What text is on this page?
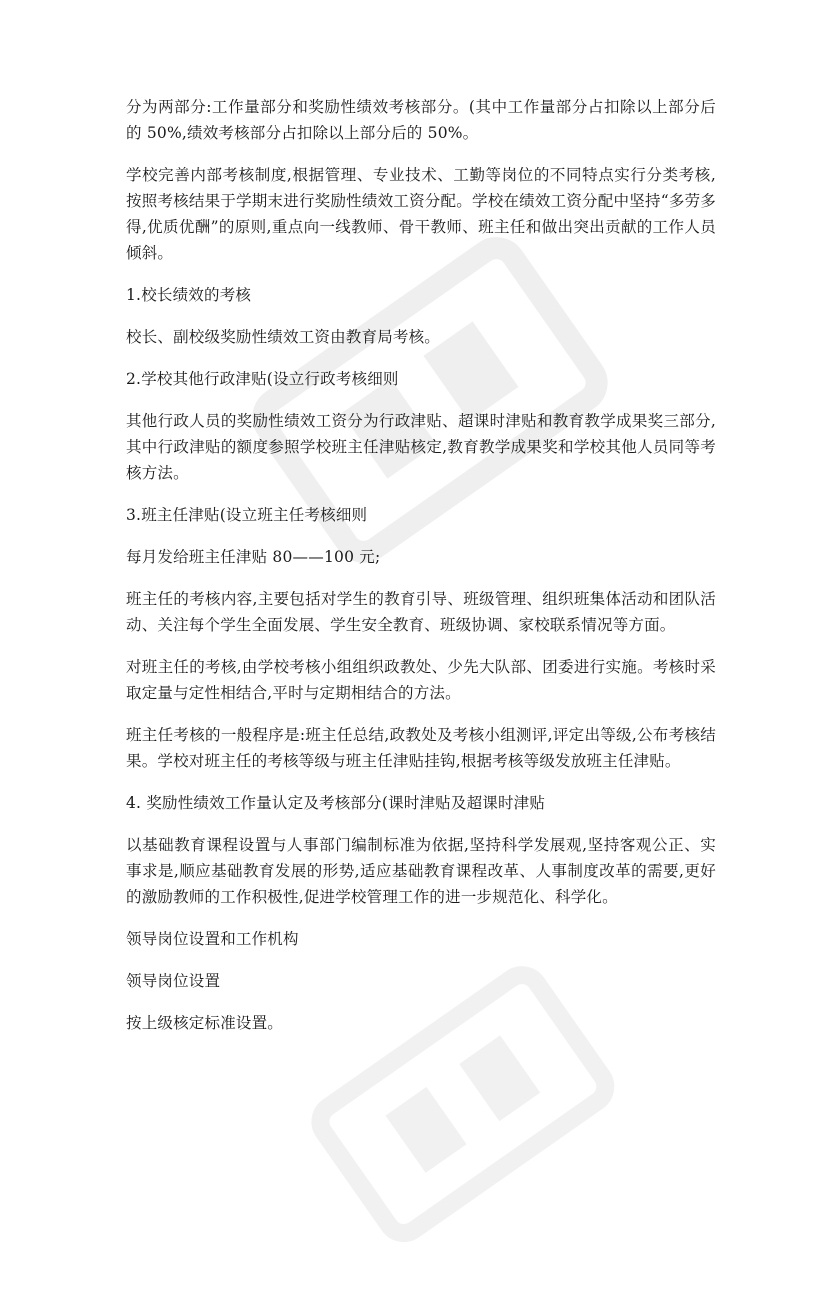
分为两部分:工作量部分和奖励性绩效考核部分。(其中工作量部分占扣除以上部分后的 50%,绩效考核部分占扣除以上部分后的 50%。

学校完善内部考核制度,根据管理、专业技术、工勤等岗位的不同特点实行分类考核,按照考核结果于学期末进行奖励性绩效工资分配。学校在绩效工资分配中坚持“多劳多得,优质优酬”的原则,重点向一线教师、骨干教师、班主任和做出突出贡献的工作人员倾斜。

1.校长绩效的考核

校长、副校级奖励性绩效工资由教育局考核。

2.学校其他行政津贴(设立行政考核细则

其他行政人员的奖励性绩效工资分为行政津贴、超课时津贴和教育教学成果奖三部分,其中行政津贴的额度参照学校班主任津贴核定,教育教学成果奖和学校其他人员同等考核方法。

3.班主任津贴(设立班主任考核细则

每月发给班主任津贴 80——100 元;

班主任的考核内容,主要包括对学生的教育引导、班级管理、组织班集体活动和团队活动、关注每个学生全面发展、学生安全教育、班级协调、家校联系情况等方面。

对班主任的考核,由学校考核小组组织政教处、少先大队部、团委进行实施。考核时采取定量与定性相结合,平时与定期相结合的方法。

班主任考核的一般程序是:班主任总结,政教处及考核小组测评,评定出等级,公布考核结果。学校对班主任的考核等级与班主任津贴挂钩,根据考核等级发放班主任津贴。

4. 奖励性绩效工作量认定及考核部分(课时津贴及超课时津贴

以基础教育课程设置与人事部门编制标准为依据,坚持科学发展观,坚持客观公正、实事求是,顺应基础教育发展的形势,适应基础教育课程改革、人事制度改革的需要,更好的激励教师的工作积极性,促进学校管理工作的进一步规范化、科学化。

领导岗位设置和工作机构

领导岗位设置

按上级核定标准设置。
